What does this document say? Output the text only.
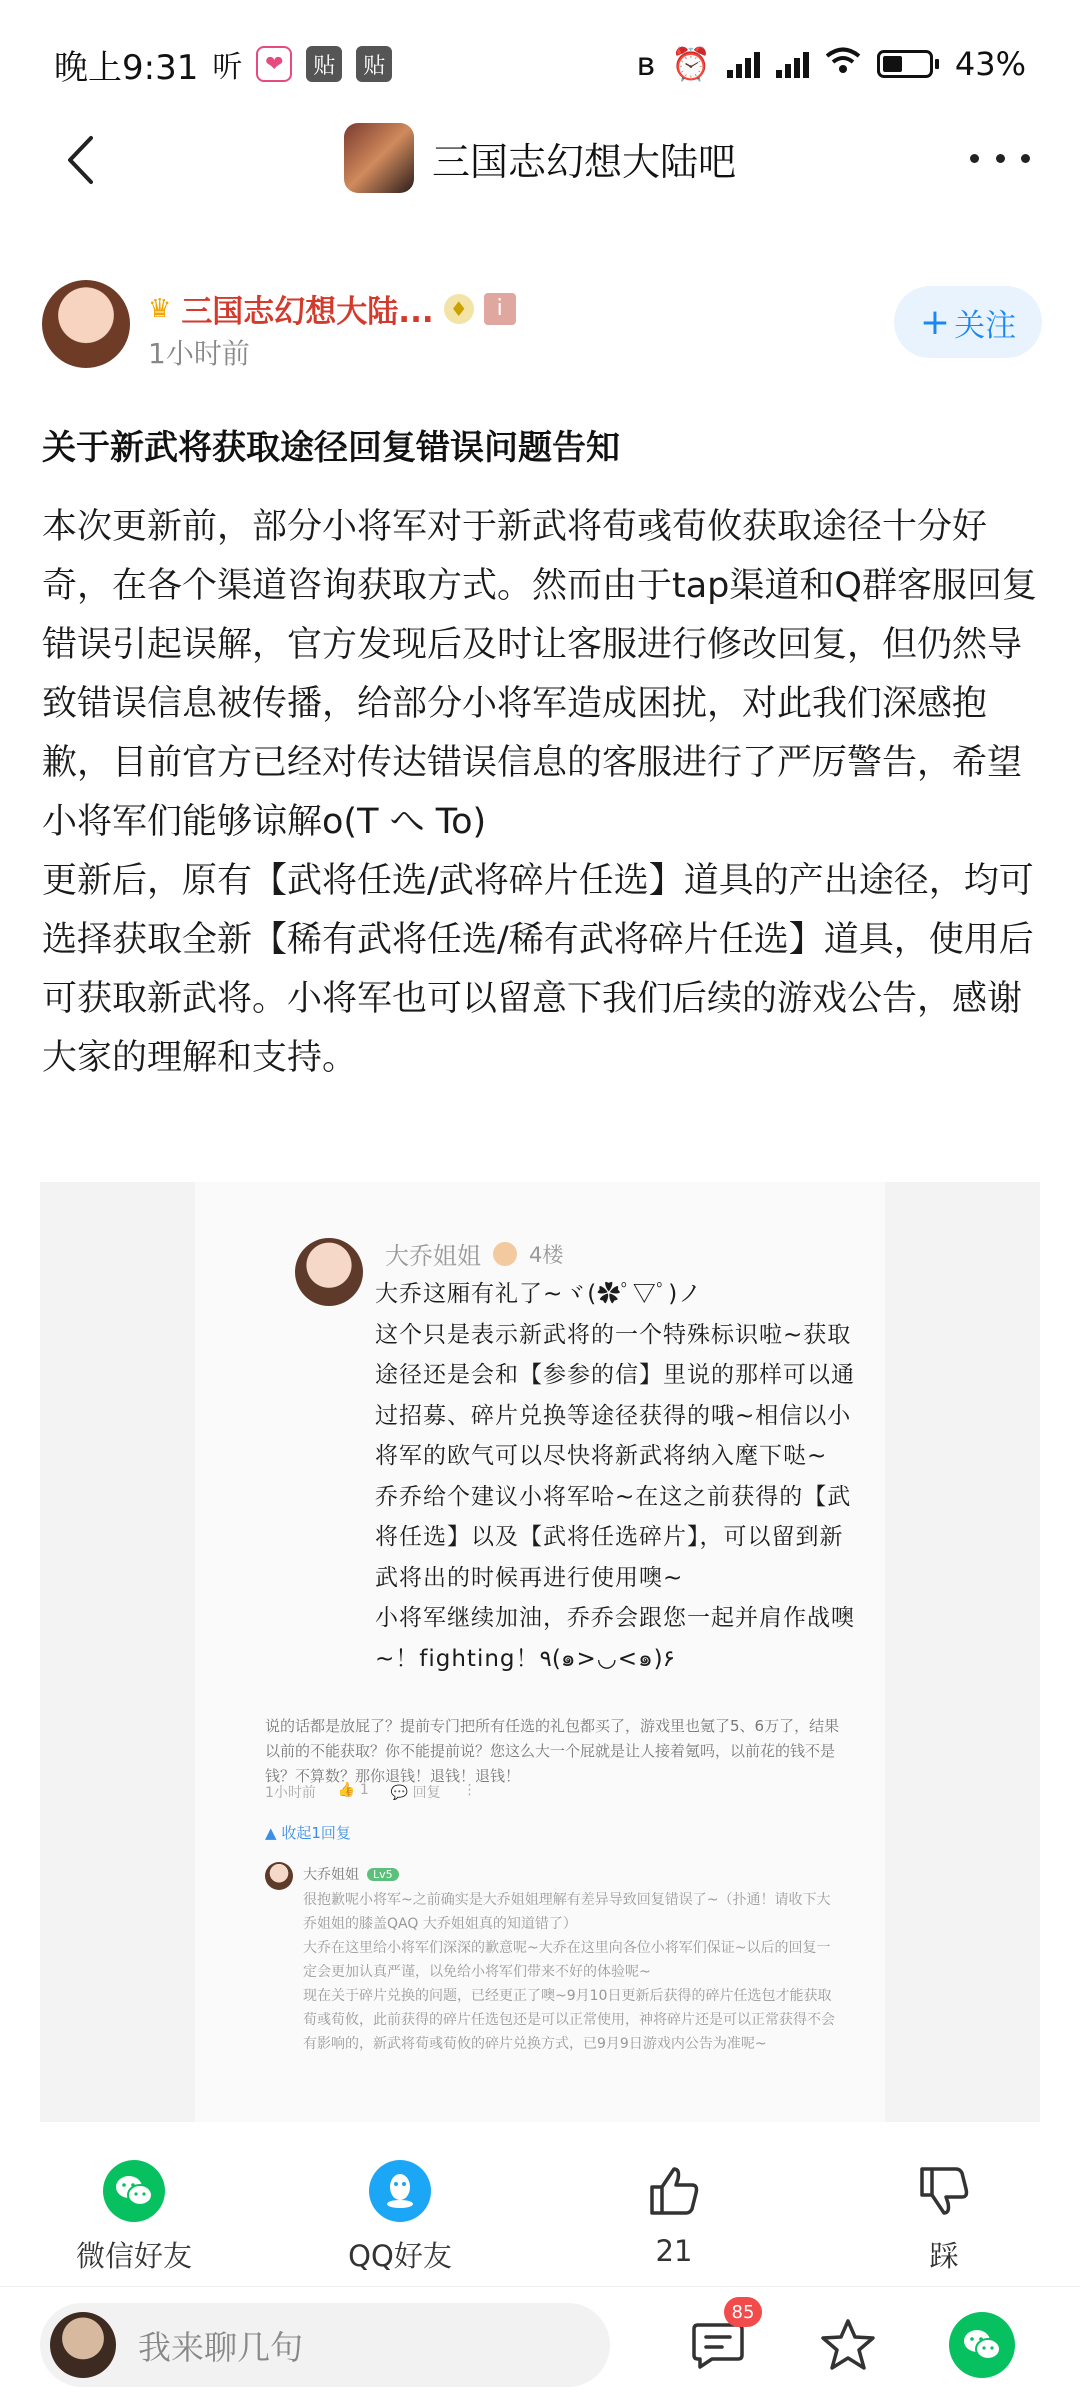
晚上9:31 听	❤	贴	贴	ʙ ⏰	43%
三国志幻想大陆吧
♛ 三国志幻想大陆... ♦	i
1小时前
+ 关注
关于新武将获取途径回复错误问题告知
本次更新前，部分小将军对于新武将荀彧荀攸获取途径十分好奇，在各个渠道咨询获取方式。然而由于tap渠道和Q群客服回复错误引起误解，官方发现后及时让客服进行修改回复，但仍然导致错误信息被传播，给部分小将军造成困扰，对此我们深感抱歉，目前官方已经对传达错误信息的客服进行了严厉警告，希望小将军们能够谅解o(T へ To)
更新后，原有【武将任选/武将碎片任选】道具的产出途径，均可选择获取全新【稀有武将任选/稀有武将碎片任选】道具，使用后可获取新武将。小将军也可以留意下我们后续的游戏公告，感谢大家的理解和支持。
大乔姐姐 4楼
大乔这厢有礼了~ヾ(✿ﾟ▽ﾟ)ノ
这个只是表示新武将的一个特殊标识啦~获取途径还是会和【参参的信】里说的那样可以通过招募、碎片兑换等途径获得的哦~相信以小将军的欧气可以尽快将新武将纳入麾下哒~
乔乔给个建议小将军哈~在这之前获得的【武将任选】以及【武将任选碎片】，可以留到新武将出的时候再进行使用噢~
小将军继续加油，乔乔会跟您一起并肩作战噢~！fighting！٩(๑>◡<๑)۶
说的话都是放屁了？提前专门把所有任选的礼包都买了，游戏里也氪了5、6万了，结果以前的不能获取？你不能提前说？您这么大一个屁就是让人接着氪吗，以前花的钱不是钱？不算数？那你退钱！退钱！退钱！
1小时前 👍 1 💬 回复 ⋮
▲ 收起1回复
大乔姐姐	Lv5
很抱歉呢小将军~之前确实是大乔姐姐理解有差异导致回复错误了~（扑通！请收下大乔姐姐的膝盖QAQ 大乔姐姐真的知道错了）
大乔在这里给小将军们深深的歉意呢~大乔在这里向各位小将军们保证~以后的回复一定会更加认真严谨，以免给小将军们带来不好的体验呢~
现在关于碎片兑换的问题，已经更正了噢~9月10日更新后获得的碎片任选包才能获取荀彧荀攸，此前获得的碎片任选包还是可以正常使用，神将碎片还是可以正常获得不会有影响的，新武将荀彧荀攸的碎片兑换方式，已9月9日游戏内公告为准呢~
微信好友	QQ好友	21	踩
我来聊几句
85
